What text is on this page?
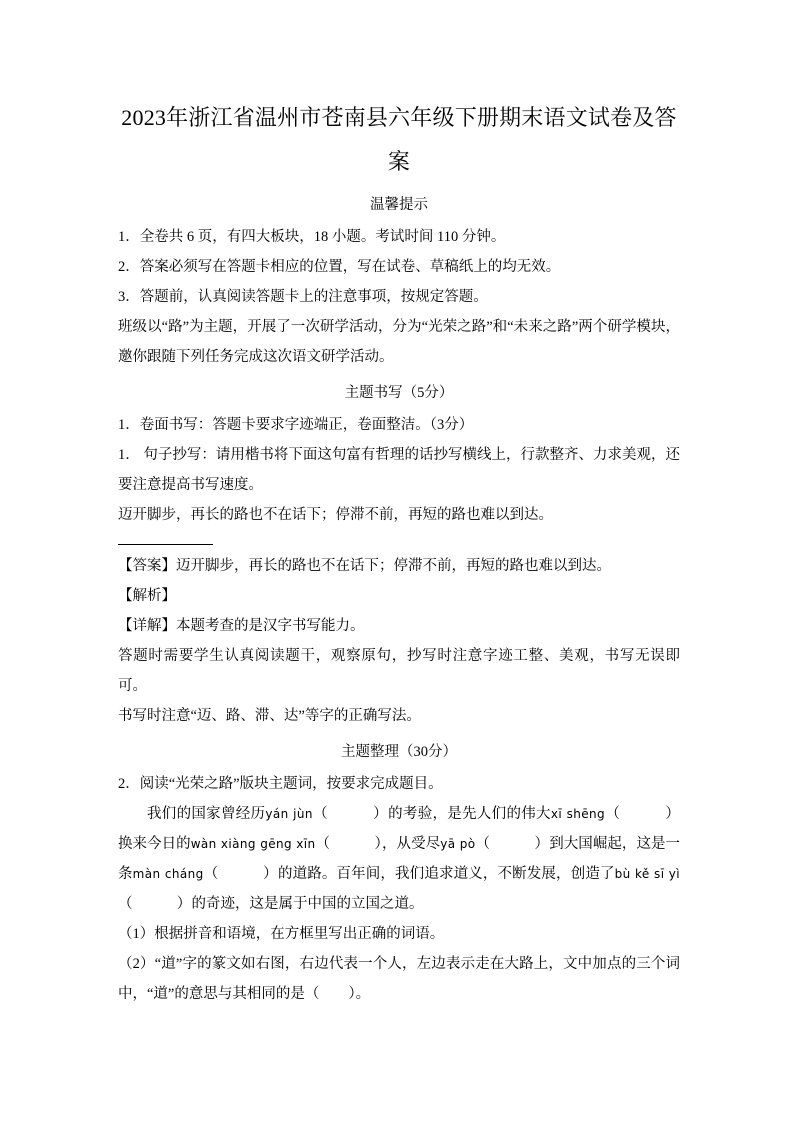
2023年浙江省温州市苍南县六年级下册期末语文试卷及答案
温馨提示

1．全卷共 6 页，有四大板块，18 小题。考试时间 110 分钟。

2．答案必须写在答题卡相应的位置，写在试卷、草稿纸上的均无效。

3．答题前，认真阅读答题卡上的注意事项，按规定答题。

班级以“路”为主题，开展了一次研学活动，分为“光荣之路”和“未来之路”两个研学模块，邀你跟随下列任务完成这次语文研学活动。

主题书写（5分）

1．卷面书写：答题卡要求字迹端正，卷面整洁。（3分）

1． 句子抄写：请用楷书将下面这句富有哲理的话抄写横线上，行款整齐、力求美观，还要注意提高书写速度。

迈开脚步，再长的路也不在话下；停滞不前，再短的路也难以到达。

【答案】迈开脚步，再长的路也不在话下；停滞不前，再短的路也难以到达。

【解析】

【详解】本题考查的是汉字书写能力。

答题时需要学生认真阅读题干，观察原句，抄写时注意字迹工整、美观，书写无误即可。

书写时注意“迈、路、滞、达”等字的正确写法。

主题整理（30分）

2．阅读“光荣之路”版块主题词，按要求完成题目。

我们的国家曾经历yán jùn（　　　）的考验，是先人们的伟大xī shēng（　　　）换来今日的wàn xiàng gēng xīn（　　　），从受尽yā pò（　　　）到大国崛起，这是一条màn cháng（　　　）的道路。百年间，我们追求道义，不断发展，创造了bù kě sī yì（　　　）的奇迹，这是属于中国的立国之道。

（1）根据拼音和语境，在方框里写出正确的词语。

（2）“道”字的篆文如右图，右边代表一个人，左边表示走在大路上，文中加点的三个词中，“道”的意思与其相同的是（　　）。
